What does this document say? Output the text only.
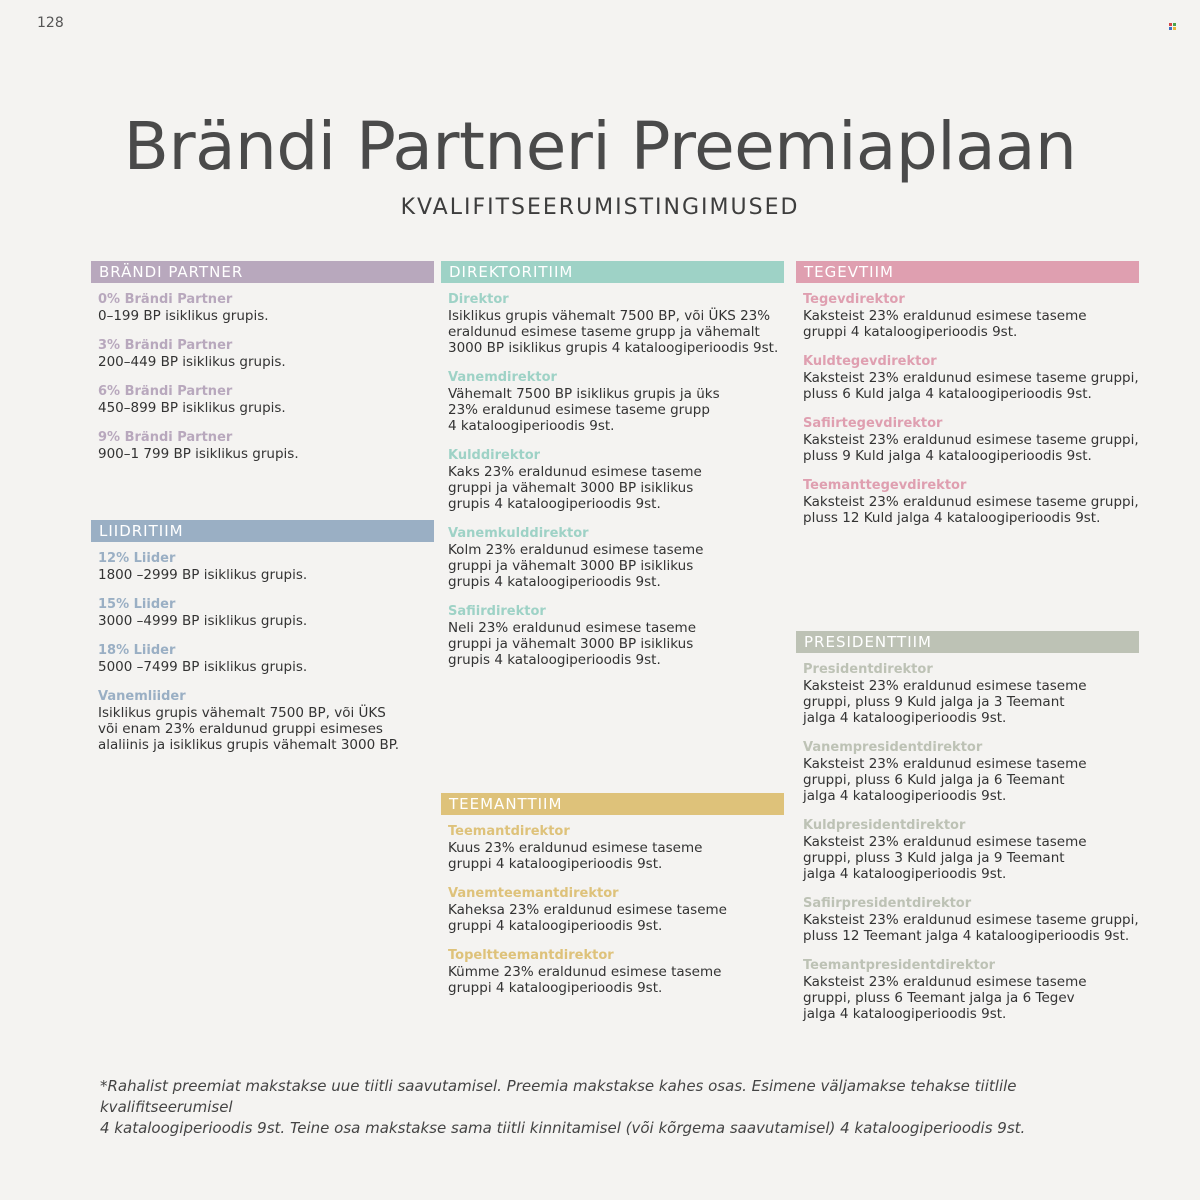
128
Brändi Partneri Preemiaplaan
KVALIFITSEERUMISTINGIMUSED
BRÄNDI PARTNER
0% Brändi Partner
0–199 BP isiklikus grupis.
3% Brändi Partner
200–449 BP isiklikus grupis.
6% Brändi Partner
450–899 BP isiklikus grupis.
9% Brändi Partner
900–1 799 BP isiklikus grupis.
LIIDRITIIM
12% Liider
1800 –2999 BP isiklikus grupis.
15% Liider
3000 –4999 BP isiklikus grupis.
18% Liider
5000 –7499 BP isiklikus grupis.
Vanemliider
Isiklikus grupis vähemalt 7500 BP, või ÜKS
või enam 23% eraldunud gruppi esimeses
alaliinis ja isiklikus grupis vähemalt 3000 BP.
DIREKTORITIIM
Direktor
Isiklikus grupis vähemalt 7500 BP, või ÜKS 23%
eraldunud esimese taseme grupp ja vähemalt
3000 BP isiklikus grupis 4 kataloogiperioodis 9st.
Vanemdirektor
Vähemalt 7500 BP isiklikus grupis ja üks
23% eraldunud esimese taseme grupp
4 kataloogiperioodis 9st.
Kulddirektor
Kaks 23% eraldunud esimese taseme
gruppi ja vähemalt 3000 BP isiklikus
grupis 4 kataloogiperioodis 9st.
Vanemkulddirektor
Kolm 23% eraldunud esimese taseme
gruppi ja vähemalt 3000 BP isiklikus
grupis 4 kataloogiperioodis 9st.
Safiirdirektor
Neli 23% eraldunud esimese taseme
gruppi ja vähemalt 3000 BP isiklikus
grupis 4 kataloogiperioodis 9st.
TEEMANTTIIM
Teemantdirektor
Kuus 23% eraldunud esimese taseme
gruppi 4 kataloogiperioodis 9st.
Vanemteemantdirektor
Kaheksa 23% eraldunud esimese taseme
gruppi 4 kataloogiperioodis 9st.
Topeltteemantdirektor
Kümme 23% eraldunud esimese taseme
gruppi 4 kataloogiperioodis 9st.
TEGEVTIIM
Tegevdirektor
Kaksteist 23% eraldunud esimese taseme
gruppi 4 kataloogiperioodis 9st.
Kuldtegevdirektor
Kaksteist 23% eraldunud esimese taseme gruppi,
pluss 6 Kuld jalga 4 kataloogiperioodis 9st.
Safiirtegevdirektor
Kaksteist 23% eraldunud esimese taseme gruppi,
pluss 9 Kuld jalga 4 kataloogiperioodis 9st.
Teemanttegevdirektor
Kaksteist 23% eraldunud esimese taseme gruppi,
pluss 12 Kuld jalga 4 kataloogiperioodis 9st.
PRESIDENTTIIM
Presidentdirektor
Kaksteist 23% eraldunud esimese taseme
gruppi, pluss 9 Kuld jalga ja 3 Teemant
jalga 4 kataloogiperioodis 9st.
Vanempresidentdirektor
Kaksteist 23% eraldunud esimese taseme
gruppi, pluss 6 Kuld jalga ja 6 Teemant
jalga 4 kataloogiperioodis 9st.
Kuldpresidentdirektor
Kaksteist 23% eraldunud esimese taseme
gruppi, pluss 3 Kuld jalga ja 9 Teemant
jalga 4 kataloogiperioodis 9st.
Safiirpresidentdirektor
Kaksteist 23% eraldunud esimese taseme gruppi,
pluss 12 Teemant jalga 4 kataloogiperioodis 9st.
Teemantpresidentdirektor
Kaksteist 23% eraldunud esimese taseme
gruppi, pluss 6 Teemant jalga ja 6 Tegev
jalga 4 kataloogiperioodis 9st.
*Rahalist preemiat makstakse uue tiitli saavutamisel. Preemia makstakse kahes osas. Esimene väljamakse tehakse tiitlile kvalifitseerumisel
4 kataloogiperioodis 9st. Teine osa makstakse sama tiitli kinnitamisel (või kõrgema saavutamisel) 4 kataloogiperioodis 9st.
